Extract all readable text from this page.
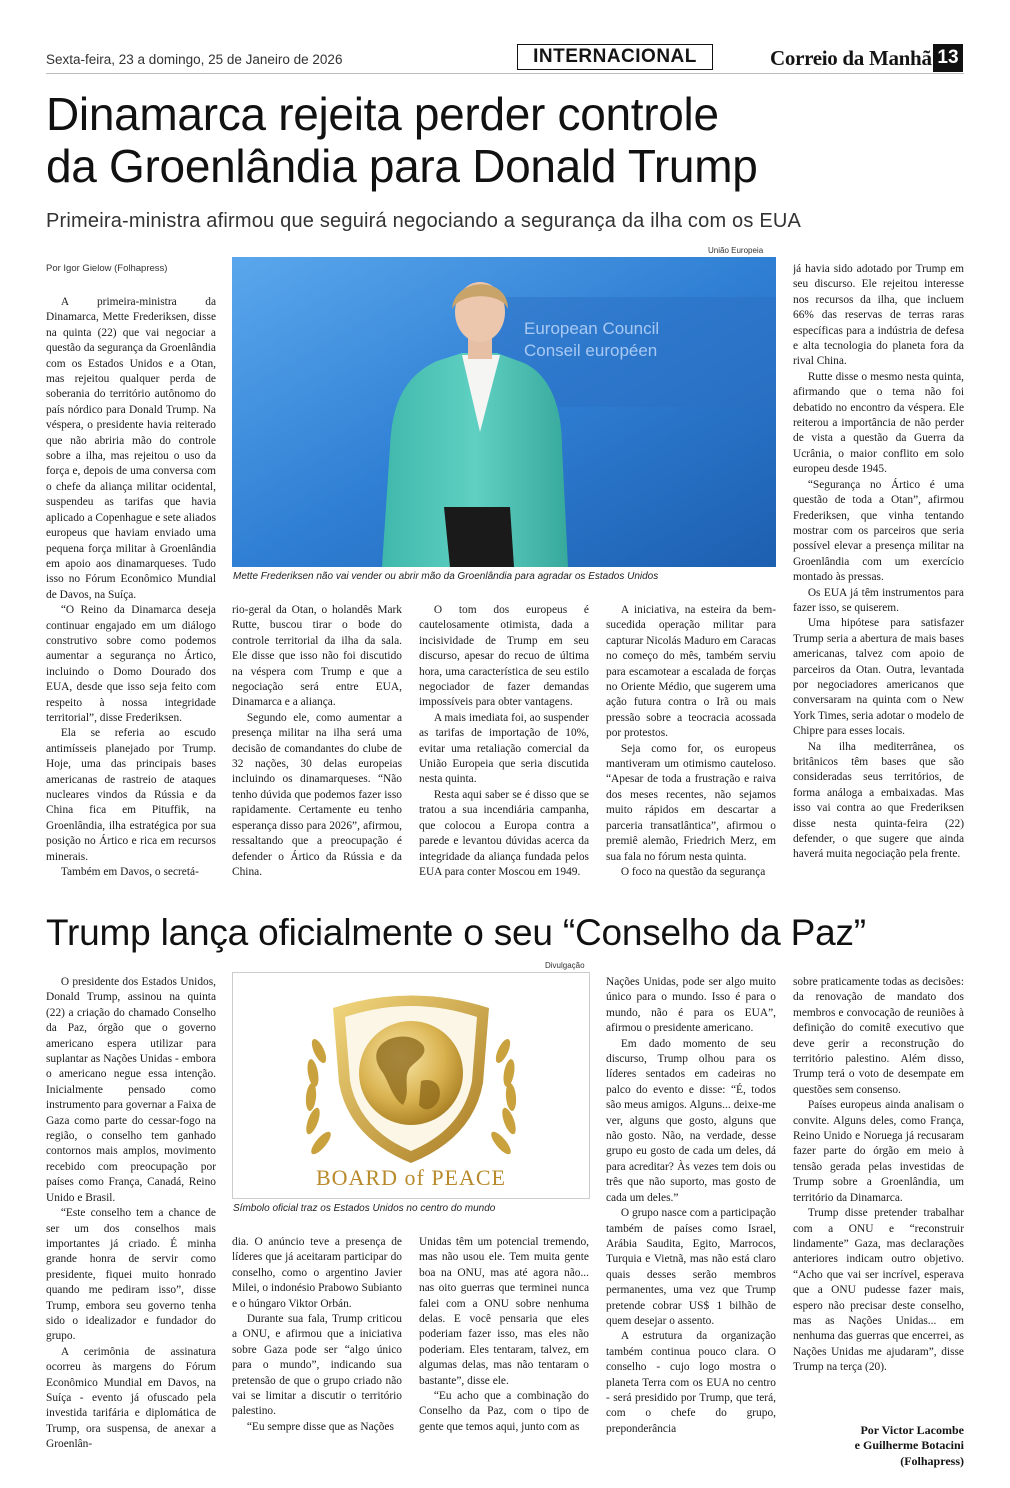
Sexta-feira, 23 a domingo, 25 de Janeiro de 2026	INTERNACIONAL	Correio da Manhã 13
Dinamarca rejeita perder controle
da Groenlândia para Donald Trump
Primeira-ministra afirmou que seguirá negociando a segurança da ilha com os EUA
União Europeia
Por Igor Gielow (Folhapress)
European Council
Conseil européen
Mette Frederiksen não vai vender ou abrir mão da Groenlândia para agradar os Estados Unidos

A primeira-ministra da Dinamarca, Mette Frederiksen, disse na quinta (22) que vai negociar a questão da segurança da Groenlândia com os Estados Unidos e a Otan, mas rejeitou qualquer perda de soberania do território autônomo do país nórdico para Donald Trump. Na véspera, o presidente havia reiterado que não abriria mão do controle sobre a ilha, mas rejeitou o uso da força e, depois de uma conversa com o chefe da aliança militar ocidental, suspendeu as tarifas que havia aplicado a Copenhague e sete aliados europeus que haviam enviado uma pequena força militar à Groenlândia em apoio aos dinamarqueses. Tudo isso no Fórum Econômico Mundial de Davos, na Suíça.

“O Reino da Dinamarca deseja continuar engajado em um diálogo construtivo sobre como podemos aumentar a segurança no Ártico, incluindo o Domo Dourado dos EUA, desde que isso seja feito com respeito à nossa integridade territorial”, disse Frederiksen.

Ela se referia ao escudo antimísseis planejado por Trump. Hoje, uma das principais bases americanas de rastreio de ataques nucleares vindos da Rússia e da China fica em Pituffik, na Groenlândia, ilha estratégica por sua posição no Ártico e rica em recursos minerais.

Também em Davos, o secretá-

rio-geral da Otan, o holandês Mark Rutte, buscou tirar o bode do controle territorial da ilha da sala. Ele disse que isso não foi discutido na véspera com Trump e que a negociação será entre EUA, Dinamarca e a aliança.

Segundo ele, como aumentar a presença militar na ilha será uma decisão de comandantes do clube de 32 nações, 30 delas europeias incluindo os dinamarqueses. “Não tenho dúvida que podemos fazer isso rapidamente. Certamente eu tenho esperança disso para 2026”, afirmou, ressaltando que a preocupação é defender o Ártico da Rússia e da China.

O tom dos europeus é cautelosamente otimista, dada a incisividade de Trump em seu discurso, apesar do recuo de última hora, uma característica de seu estilo negociador de fazer demandas impossíveis para obter vantagens.

A mais imediata foi, ao suspender as tarifas de importação de 10%, evitar uma retaliação comercial da União Europeia que seria discutida nesta quinta.

Resta aqui saber se é disso que se tratou a sua incendiária campanha, que colocou a Europa contra a parede e levantou dúvidas acerca da integridade da aliança fundada pelos EUA para conter Moscou em 1949.

A iniciativa, na esteira da bem-sucedida operação militar para capturar Nicolás Maduro em Caracas no começo do mês, também serviu para escamotear a escalada de forças no Oriente Médio, que sugerem uma ação futura contra o Irã ou mais pressão sobre a teocracia acossada por protestos.

Seja como for, os europeus mantiveram um otimismo cauteloso. “Apesar de toda a frustração e raiva dos meses recentes, não sejamos muito rápidos em descartar a parceria transatlântica”, afirmou o premiê alemão, Friedrich Merz, em sua fala no fórum nesta quinta.

O foco na questão da segurança

já havia sido adotado por Trump em seu discurso. Ele rejeitou interesse nos recursos da ilha, que incluem 66% das reservas de terras raras específicas para a indústria de defesa e alta tecnologia do planeta fora da rival China.

Rutte disse o mesmo nesta quinta, afirmando que o tema não foi debatido no encontro da véspera. Ele reiterou a importância de não perder de vista a questão da Guerra da Ucrânia, o maior conflito em solo europeu desde 1945.

“Segurança no Ártico é uma questão de toda a Otan”, afirmou Frederiksen, que vinha tentando mostrar com os parceiros que seria possível elevar a presença militar na Groenlândia com um exercício montado às pressas.

Os EUA já têm instrumentos para fazer isso, se quiserem.

Uma hipótese para satisfazer Trump seria a abertura de mais bases americanas, talvez com apoio de parceiros da Otan. Outra, levantada por negociadores americanos que conversaram na quinta com o New York Times, seria adotar o modelo de Chipre para esses locais.

Na ilha mediterrânea, os britânicos têm bases que são consideradas seus territórios, de forma análoga a embaixadas. Mas isso vai contra ao que Frederiksen disse nesta quinta-feira (22) defender, o que sugere que ainda haverá muita negociação pela frente.

Trump lança oficialmente o seu “Conselho da Paz”
Divulgação
BOARD of PEACE
Símbolo oficial traz os Estados Unidos no centro do mundo

O presidente dos Estados Unidos, Donald Trump, assinou na quinta (22) a criação do chamado Conselho da Paz, órgão que o governo americano espera utilizar para suplantar as Nações Unidas - embora o americano negue essa intenção. Inicialmente pensado como instrumento para governar a Faixa de Gaza como parte do cessar-fogo na região, o conselho tem ganhado contornos mais amplos, movimento recebido com preocupação por países como França, Canadá, Reino Unido e Brasil.

“Este conselho tem a chance de ser um dos conselhos mais importantes já criado. É minha grande honra de servir como presidente, fiquei muito honrado quando me pediram isso”, disse Trump, embora seu governo tenha sido o idealizador e fundador do grupo.

A cerimônia de assinatura ocorreu às margens do Fórum Econômico Mundial em Davos, na Suíça - evento já ofuscado pela investida tarifária e diplomática de Trump, ora suspensa, de anexar a Groenlân-

dia. O anúncio teve a presença de líderes que já aceitaram participar do conselho, como o argentino Javier Milei, o indonésio Prabowo Subianto e o húngaro Viktor Orbán.

Durante sua fala, Trump criticou a ONU, e afirmou que a iniciativa sobre Gaza pode ser “algo único para o mundo”, indicando sua pretensão de que o grupo criado não vai se limitar a discutir o território palestino.

“Eu sempre disse que as Nações

Unidas têm um potencial tremendo, mas não usou ele. Tem muita gente boa na ONU, mas até agora não... nas oito guerras que terminei nunca falei com a ONU sobre nenhuma delas. E você pensaria que eles poderiam fazer isso, mas eles não poderiam. Eles tentaram, talvez, em algumas delas, mas não tentaram o bastante”, disse ele.

“Eu acho que a combinação do Conselho da Paz, com o tipo de gente que temos aqui, junto com as

Nações Unidas, pode ser algo muito único para o mundo. Isso é para o mundo, não é para os EUA”, afirmou o presidente americano.

Em dado momento de seu discurso, Trump olhou para os líderes sentados em cadeiras no palco do evento e disse: “É, todos são meus amigos. Alguns... deixe-me ver, alguns que gosto, alguns que não gosto. Não, na verdade, desse grupo eu gosto de cada um deles, dá para acreditar? Às vezes tem dois ou três que não suporto, mas gosto de cada um deles.”

O grupo nasce com a participação também de países como Israel, Arábia Saudita, Egito, Marrocos, Turquia e Vietnã, mas não está claro quais desses serão membros permanentes, uma vez que Trump pretende cobrar US$ 1 bilhão de quem desejar o assento.

A estrutura da organização também continua pouco clara. O conselho - cujo logo mostra o planeta Terra com os EUA no centro - será presidido por Trump, que terá, com o chefe do grupo, preponderância

sobre praticamente todas as decisões: da renovação de mandato dos membros e convocação de reuniões à definição do comitê executivo que deve gerir a reconstrução do território palestino. Além disso, Trump terá o voto de desempate em questões sem consenso.

Países europeus ainda analisam o convite. Alguns deles, como França, Reino Unido e Noruega já recusaram fazer parte do órgão em meio à tensão gerada pelas investidas de Trump sobre a Groenlândia, um território da Dinamarca.

Trump disse pretender trabalhar com a ONU e “reconstruir lindamente” Gaza, mas declarações anteriores indicam outro objetivo. “Acho que vai ser incrível, esperava que a ONU pudesse fazer mais, espero não precisar deste conselho, mas as Nações Unidas... em nenhuma das guerras que encerrei, as Nações Unidas me ajudaram”, disse Trump na terça (20).

Por Victor Lacombe
e Guilherme Botacini
(Folhapress)
